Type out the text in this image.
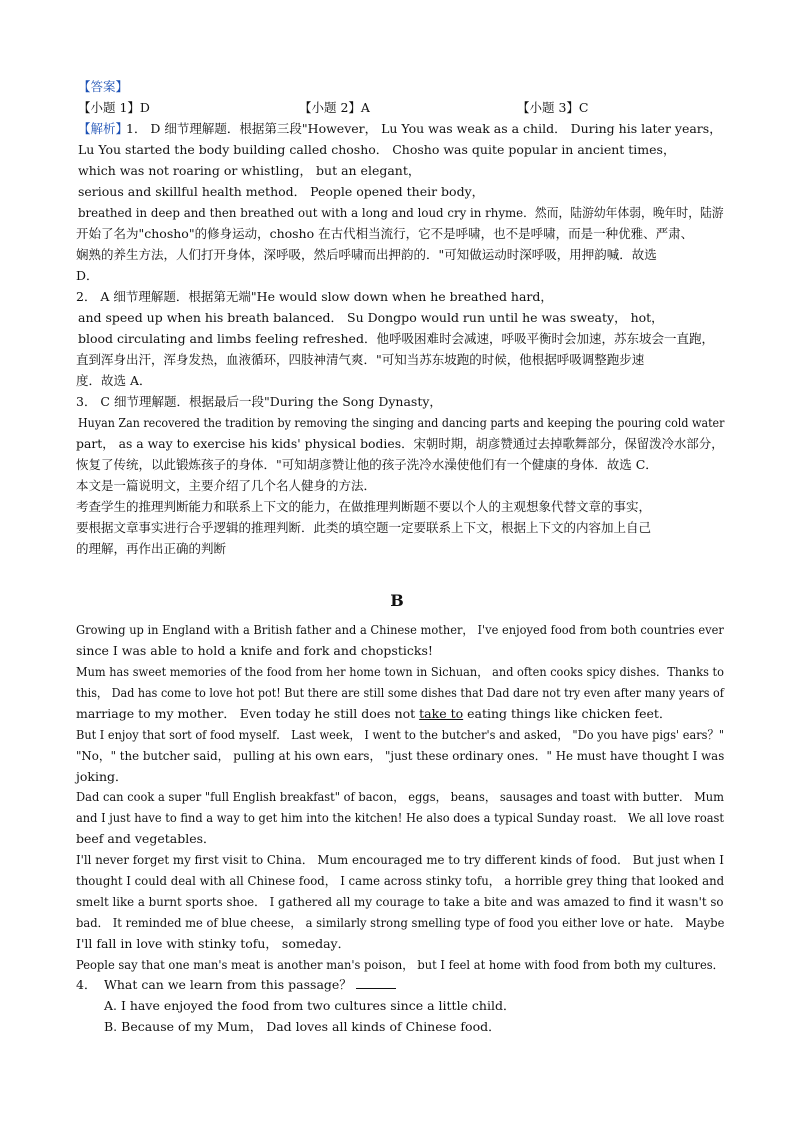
【答案】
【小题 1】D	【小题 2】A	【小题 3】C
【解析】
1． D 细节理解题．根据第三段"However， Lu You was weak as a child． During his later years，
Lu You started the body building called chosho． Chosho was quite popular in ancient times，
which was not roaring or whistling， but an elegant，
serious and skillful health method． People opened their body，
breathed in deep and then breathed out with a long and loud cry in rhyme．然而，陆游幼年体弱，晚年时，陆游
开始了名为"chosho"的修身运动，chosho 在古代相当流行，它不是呼啸，也不是呼啸，而是一种优雅、严肃、
娴熟的养生方法，人们打开身体，深呼吸，然后呼啸而出押韵的．"可知做运动时深呼吸，用押韵喊．故选
D．
2． A 细节理解题．根据第无端"He would slow down when he breathed hard，
and speed up when his breath balanced． Su Dongpo would run until he was sweaty， hot，
blood circulating and limbs feeling refreshed．他呼吸困难时会减速，呼吸平衡时会加速，苏东坡会一直跑，
直到浑身出汗，浑身发热，血液循环，四肢神清气爽．"可知当苏东坡跑的时候，他根据呼吸调整跑步速
度．故选 A．
3． C 细节理解题．根据最后一段"During the Song Dynasty，
Huyan Zan recovered the tradition by removing the singing and dancing parts and keeping the pouring cold water
part， as a way to exercise his kids' physical bodies．宋朝时期，胡彦赞通过去掉歌舞部分，保留泼冷水部分，
恢复了传统，以此锻炼孩子的身体．"可知胡彦赞让他的孩子洗冷水澡使他们有一个健康的身体．故选 C．
本文是一篇说明文，主要介绍了几个名人健身的方法．
考查学生的推理判断能力和联系上下文的能力，在做推理判断题不要以个人的主观想象代替文章的事实，
要根据文章事实进行合乎逻辑的推理判断．此类的填空题一定要联系上下文，根据上下文的内容加上自己
的理解，再作出正确的判断
B
Growing up in England with a British father and a Chinese mother， I've enjoyed food from both countries ever
since I was able to hold a knife and fork and chopsticks!
Mum has sweet memories of the food from her home town in Sichuan， and often cooks spicy dishes．Thanks to
this， Dad has come to love hot pot! But there are still some dishes that Dad dare not try even after many years of
marriage to my mother． Even today he still does not take to eating things like chicken feet．
But I enjoy that sort of food myself． Last week， I went to the butcher's and asked， "Do you have pigs' ears？"
"No，" the butcher said， pulling at his own ears， "just these ordinary ones．" He must have thought I was
joking．
Dad can cook a super "full English breakfast" of bacon， eggs， beans， sausages and toast with butter． Mum
and I just have to find a way to get him into the kitchen! He also does a typical Sunday roast． We all love roast
beef and vegetables．
I'll never forget my first visit to China． Mum encouraged me to try different kinds of food． But just when I
thought I could deal with all Chinese food， I came across stinky tofu， a horrible grey thing that looked and
smelt like a burnt sports shoe． I gathered all my courage to take a bite and was amazed to find it wasn't so
bad． It reminded me of blue cheese， a similarly strong smelling type of food you either love or hate． Maybe
I'll fall in love with stinky tofu， someday．
People say that one man's meat is another man's poison， but I feel at home with food from both my cultures．
4． What can we learn from this passage？
A. I have enjoyed the food from two cultures since a little child．
B. Because of my Mum， Dad loves all kinds of Chinese food．
